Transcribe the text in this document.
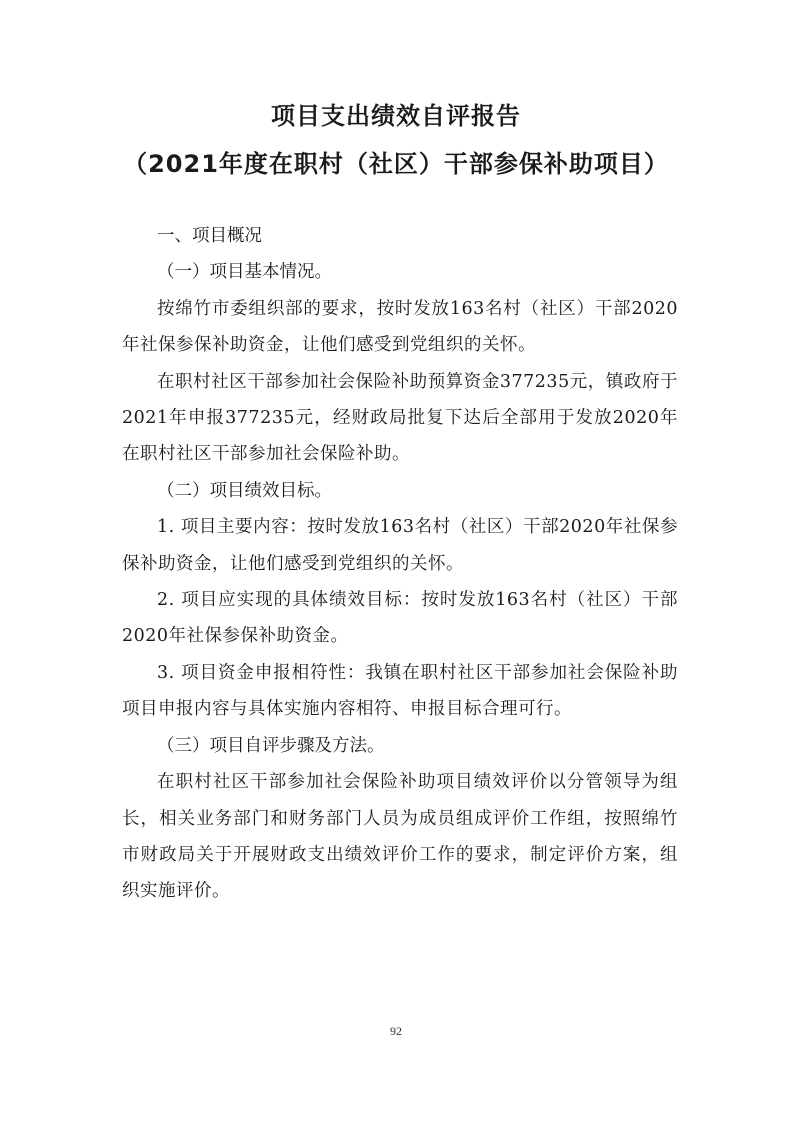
项目支出绩效自评报告
（2021年度在职村（社区）干部参保补助项目）

一、项目概况

（一）项目基本情况。

按绵竹市委组织部的要求，按时发放163名村（社区）干部2020年社保参保补助资金，让他们感受到党组织的关怀。

在职村社区干部参加社会保险补助预算资金377235元，镇政府于2021年申报377235元，经财政局批复下达后全部用于发放2020年在职村社区干部参加社会保险补助。

（二）项目绩效目标。

1. 项目主要内容：按时发放163名村（社区）干部2020年社保参保补助资金，让他们感受到党组织的关怀。

2. 项目应实现的具体绩效目标：按时发放163名村（社区）干部2020年社保参保补助资金。

3. 项目资金申报相符性：我镇在职村社区干部参加社会保险补助项目申报内容与具体实施内容相符、申报目标合理可行。

（三）项目自评步骤及方法。

在职村社区干部参加社会保险补助项目绩效评价以分管领导为组长，相关业务部门和财务部门人员为成员组成评价工作组，按照绵竹市财政局关于开展财政支出绩效评价工作的要求，制定评价方案，组织实施评价。

92
